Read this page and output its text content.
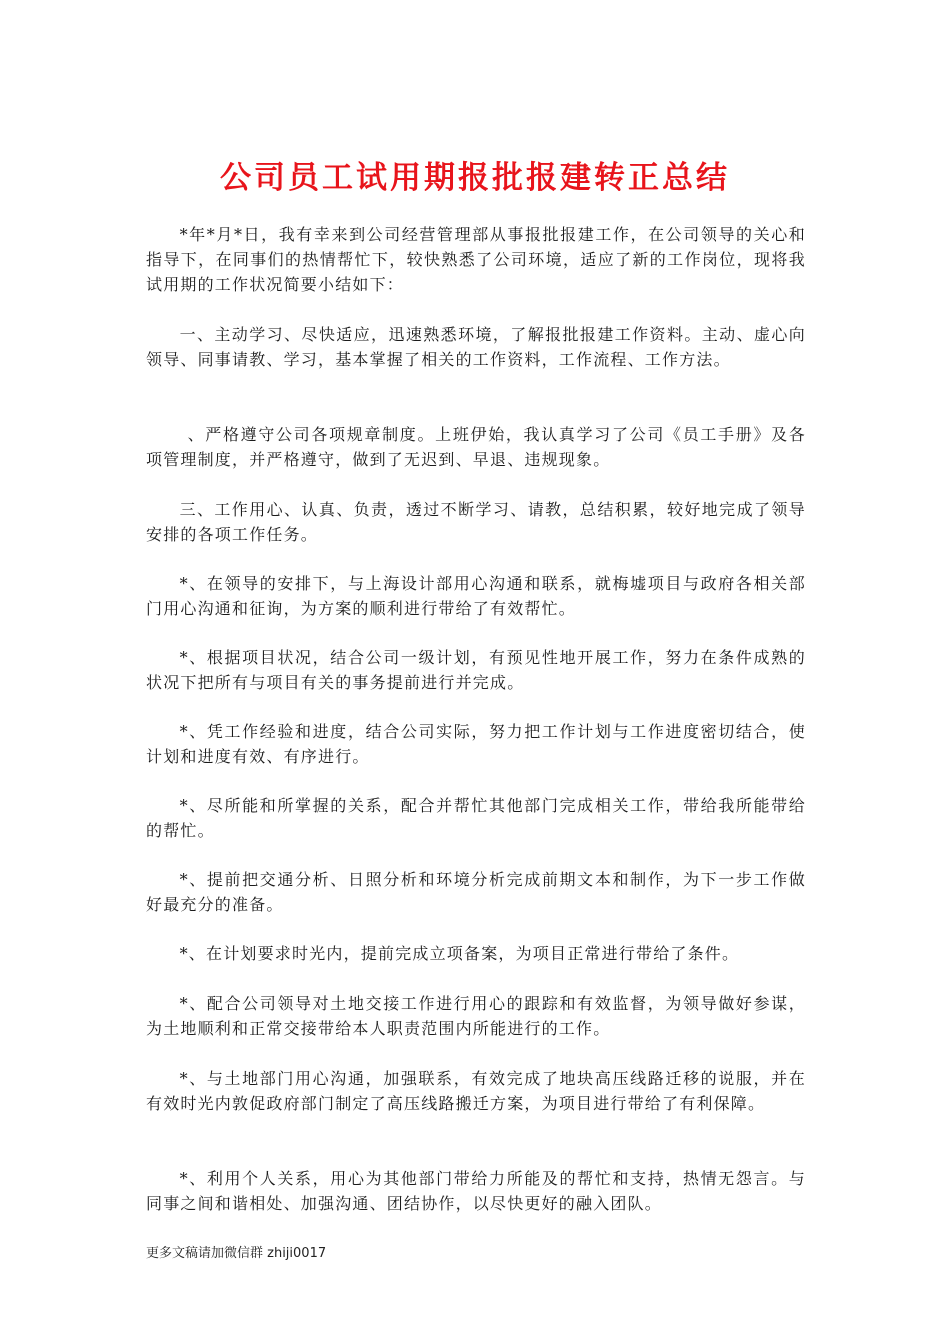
公司员工试用期报批报建转正总结

*年*月*日，我有幸来到公司经营管理部从事报批报建工作，在公司领导的关心和指导下，在同事们的热情帮忙下，较快熟悉了公司环境，适应了新的工作岗位，现将我试用期的工作状况简要小结如下：

一、主动学习、尽快适应，迅速熟悉环境，了解报批报建工作资料。主动、虚心向领导、同事请教、学习，基本掌握了相关的工作资料，工作流程、工作方法。

、严格遵守公司各项规章制度。上班伊始，我认真学习了公司《员工手册》及各项管理制度，并严格遵守，做到了无迟到、早退、违规现象。

三、工作用心、认真、负责，透过不断学习、请教，总结积累，较好地完成了领导安排的各项工作任务。

*、在领导的安排下，与上海设计部用心沟通和联系，就梅墟项目与政府各相关部门用心沟通和征询，为方案的顺利进行带给了有效帮忙。

*、根据项目状况，结合公司一级计划，有预见性地开展工作，努力在条件成熟的状况下把所有与项目有关的事务提前进行并完成。

*、凭工作经验和进度，结合公司实际，努力把工作计划与工作进度密切结合，使计划和进度有效、有序进行。

*、尽所能和所掌握的关系，配合并帮忙其他部门完成相关工作，带给我所能带给的帮忙。

*、提前把交通分析、日照分析和环境分析完成前期文本和制作，为下一步工作做好最充分的准备。

*、在计划要求时光内，提前完成立项备案，为项目正常进行带给了条件。

*、配合公司领导对土地交接工作进行用心的跟踪和有效监督，为领导做好参谋，为土地顺利和正常交接带给本人职责范围内所能进行的工作。

*、与土地部门用心沟通，加强联系，有效完成了地块高压线路迁移的说服，并在有效时光内敦促政府部门制定了高压线路搬迁方案，为项目进行带给了有利保障。

*、利用个人关系，用心为其他部门带给力所能及的帮忙和支持，热情无怨言。与同事之间和谐相处、加强沟通、团结协作，以尽快更好的融入团队。

更多文稿请加微信群 zhiji0017
